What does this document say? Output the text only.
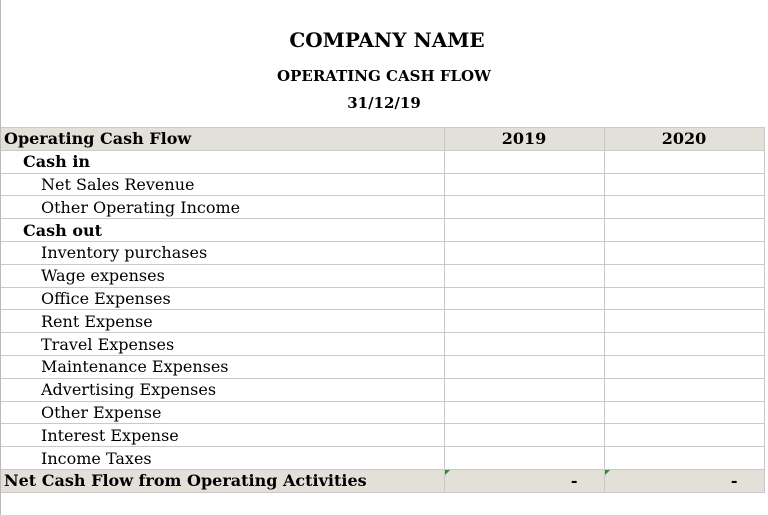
COMPANY NAME
OPERATING CASH FLOW
31/12/19
Operating Cash Flow	2019	2020
Cash in		
Net Sales Revenue		
Other Operating Income		
Cash out		
Inventory purchases		
Wage expenses		
Office Expenses		
Rent Expense		
Travel Expenses		
Maintenance Expenses		
Advertising Expenses		
Other Expense		
Interest Expense		
Income Taxes		
Net Cash Flow from Operating Activities	-	-
